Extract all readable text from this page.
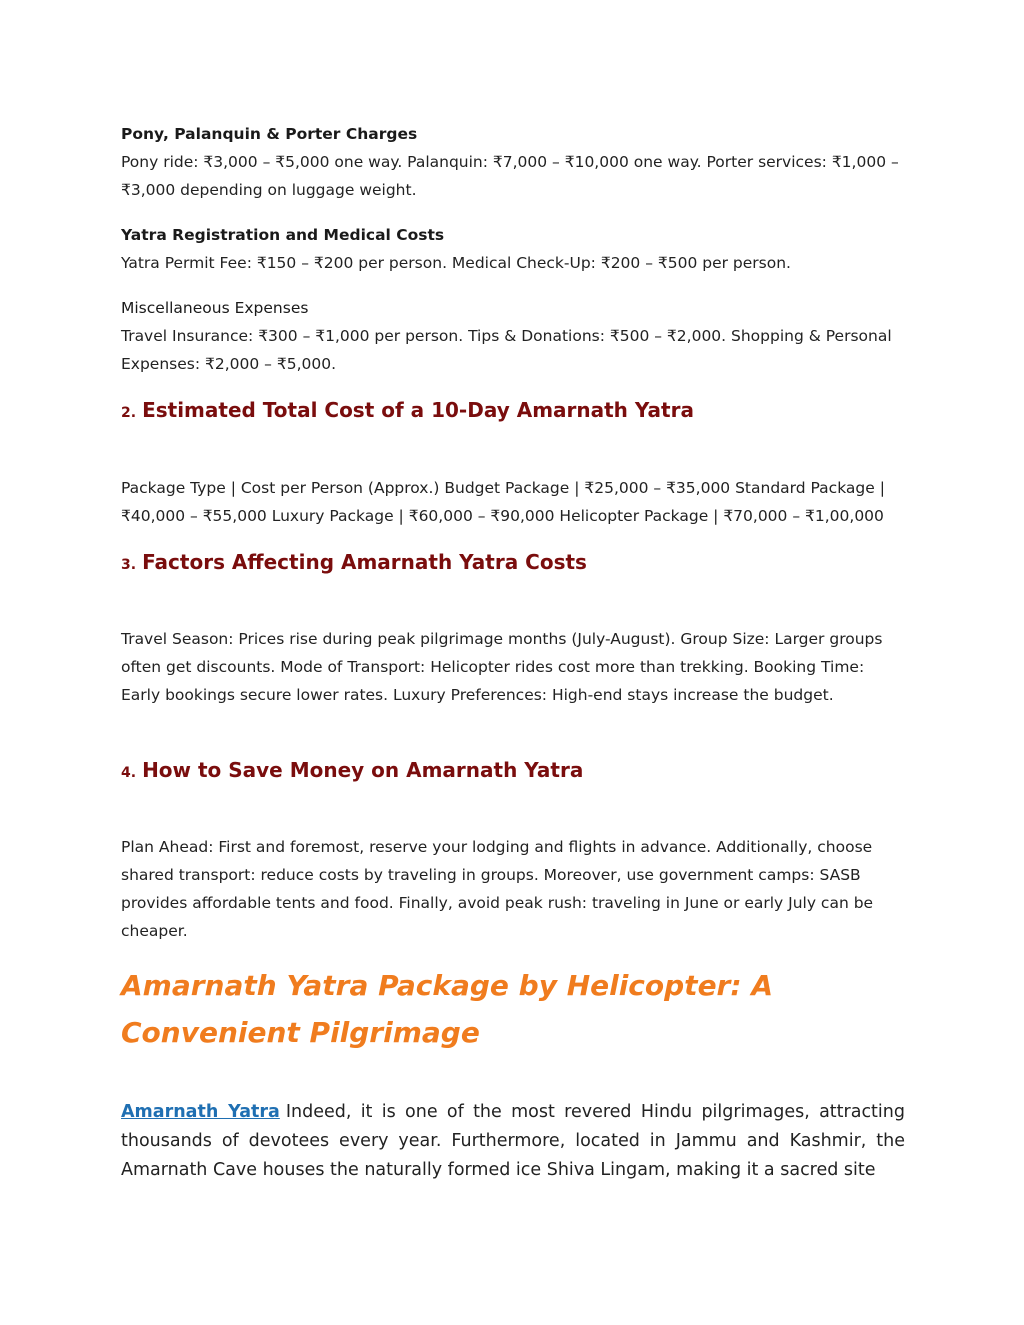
Pony, Palanquin & Porter Charges

Pony ride: ₹3,000 – ₹5,000 one way. Palanquin: ₹7,000 – ₹10,000 one way. Porter services: ₹1,000 – ₹3,000 depending on luggage weight.

Yatra Registration and Medical Costs

Yatra Permit Fee: ₹150 – ₹200 per person. Medical Check-Up: ₹200 – ₹500 per person.

Miscellaneous Expenses

Travel Insurance: ₹300 – ₹1,000 per person. Tips & Donations: ₹500 – ₹2,000. Shopping & Personal Expenses: ₹2,000 – ₹5,000.

2. Estimated Total Cost of a 10-Day Amarnath Yatra

Package Type | Cost per Person (Approx.) Budget Package | ₹25,000 – ₹35,000 Standard Package | ₹40,000 – ₹55,000 Luxury Package | ₹60,000 – ₹90,000 Helicopter Package | ₹70,000 – ₹1,00,000

3. Factors Affecting Amarnath Yatra Costs

Travel Season: Prices rise during peak pilgrimage months (July-August). Group Size: Larger groups often get discounts. Mode of Transport: Helicopter rides cost more than trekking. Booking Time: Early bookings secure lower rates. Luxury Preferences: High-end stays increase the budget.

4. How to Save Money on Amarnath Yatra

Plan Ahead: First and foremost, reserve your lodging and flights in advance. Additionally, choose shared transport: reduce costs by traveling in groups. Moreover, use government camps: SASB provides affordable tents and food. Finally, avoid peak rush: traveling in June or early July can be cheaper.

Amarnath Yatra Package by Helicopter: A Convenient Pilgrimage

Amarnath Yatra Indeed, it is one of the most revered Hindu pilgrimages, attracting thousands of devotees every year. Furthermore, located in Jammu and Kashmir, the Amarnath Cave houses the naturally formed ice Shiva Lingam, making it a sacred site
